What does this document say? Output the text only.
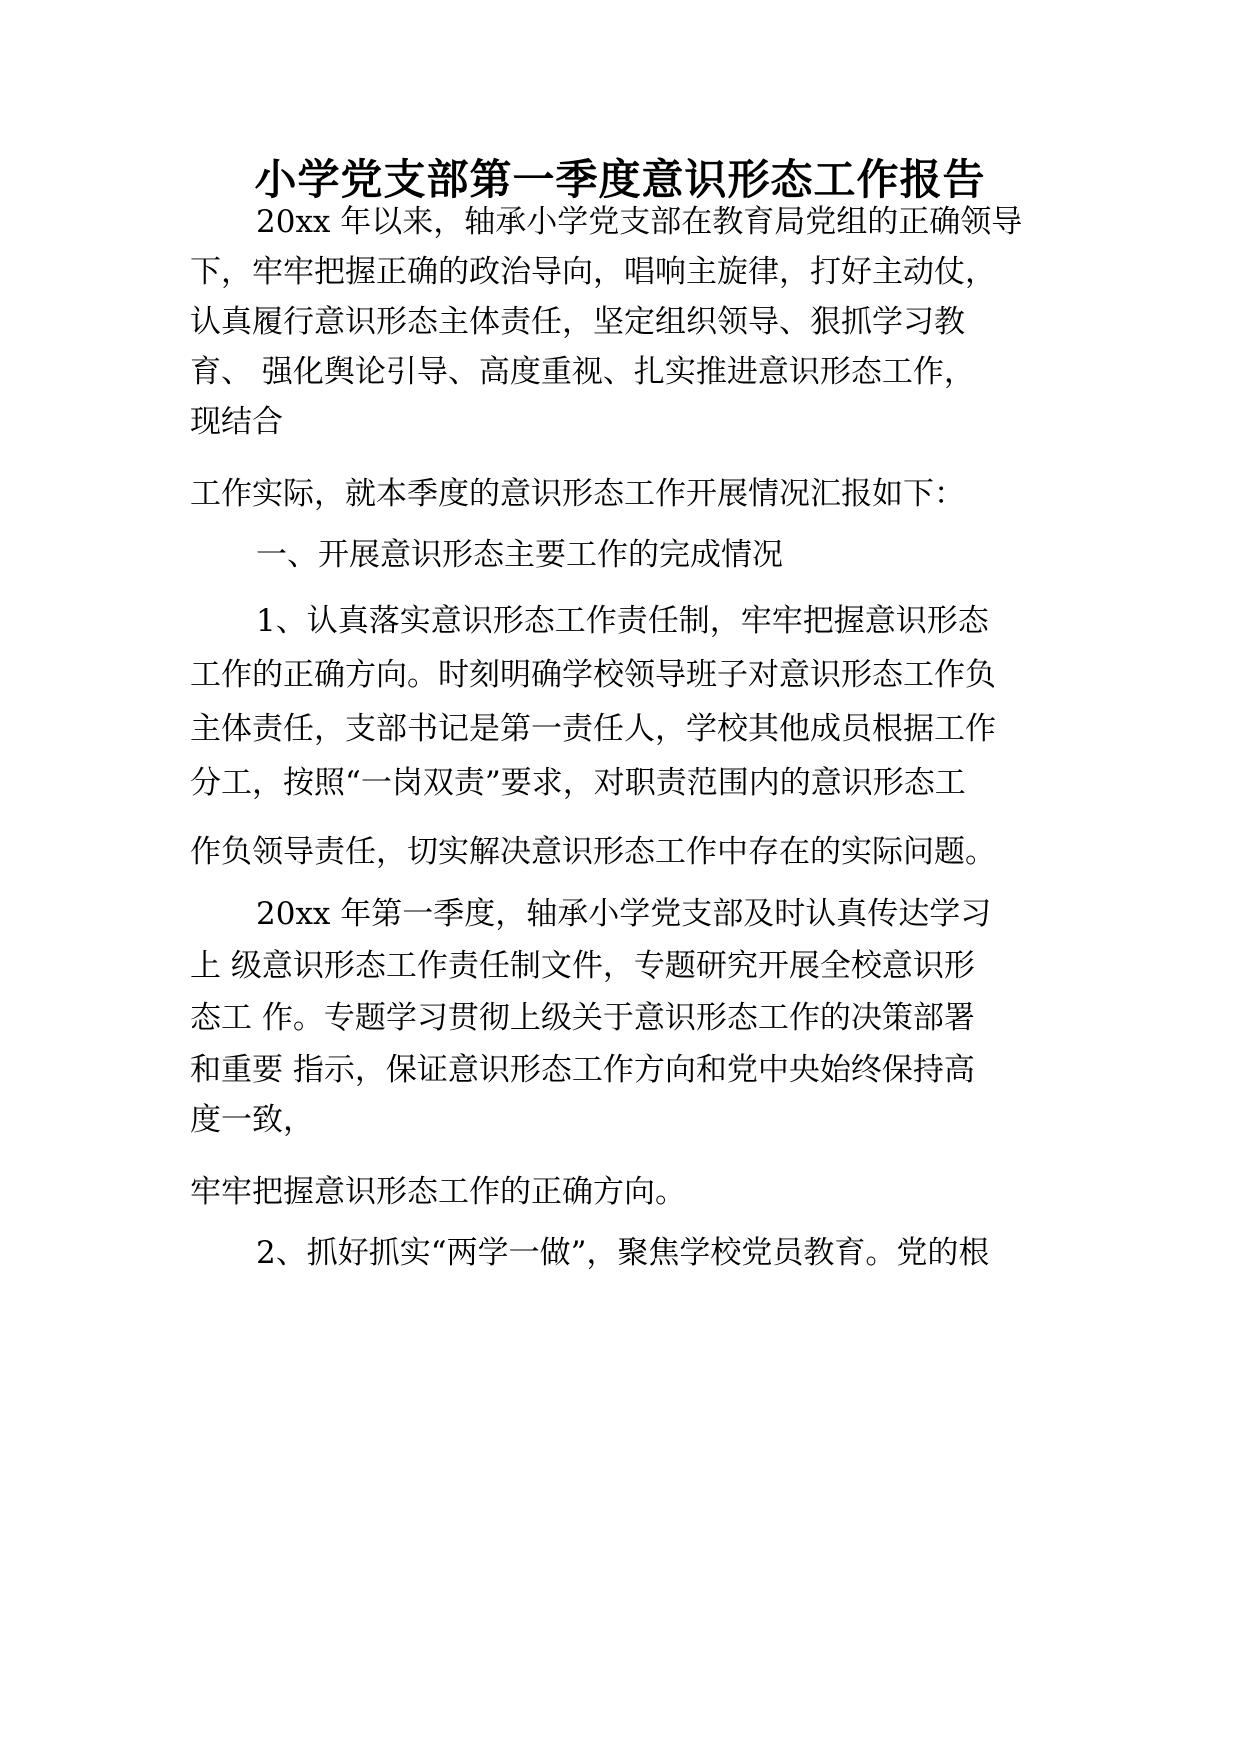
小学党支部第一季度意识形态工作报告
20xx 年以来，轴承小学党支部在教育局党组的正确领导
下，牢牢把握正确的政治导向，唱响主旋律，打好主动仗，
认真履行意识形态主体责任，坚定组织领导、狠抓学习教
育、 强化舆论引导、高度重视、扎实推进意识形态工作，
现结合
工作实际，就本季度的意识形态工作开展情况汇报如下：
一、开展意识形态主要工作的完成情况
1、认真落实意识形态工作责任制，牢牢把握意识形态
工作的正确方向。时刻明确学校领导班子对意识形态工作负
主体责任，支部书记是第一责任人，学校其他成员根据工作
分工，按照“一岗双责”要求，对职责范围内的意识形态工
作负领导责任，切实解决意识形态工作中存在的实际问题。
20xx 年第一季度，轴承小学党支部及时认真传达学习
上 级意识形态工作责任制文件，专题研究开展全校意识形
态工 作。专题学习贯彻上级关于意识形态工作的决策部署
和重要 指示，保证意识形态工作方向和党中央始终保持高
度一致，
牢牢把握意识形态工作的正确方向。
2、抓好抓实“两学一做”，聚焦学校党员教育。党的根
